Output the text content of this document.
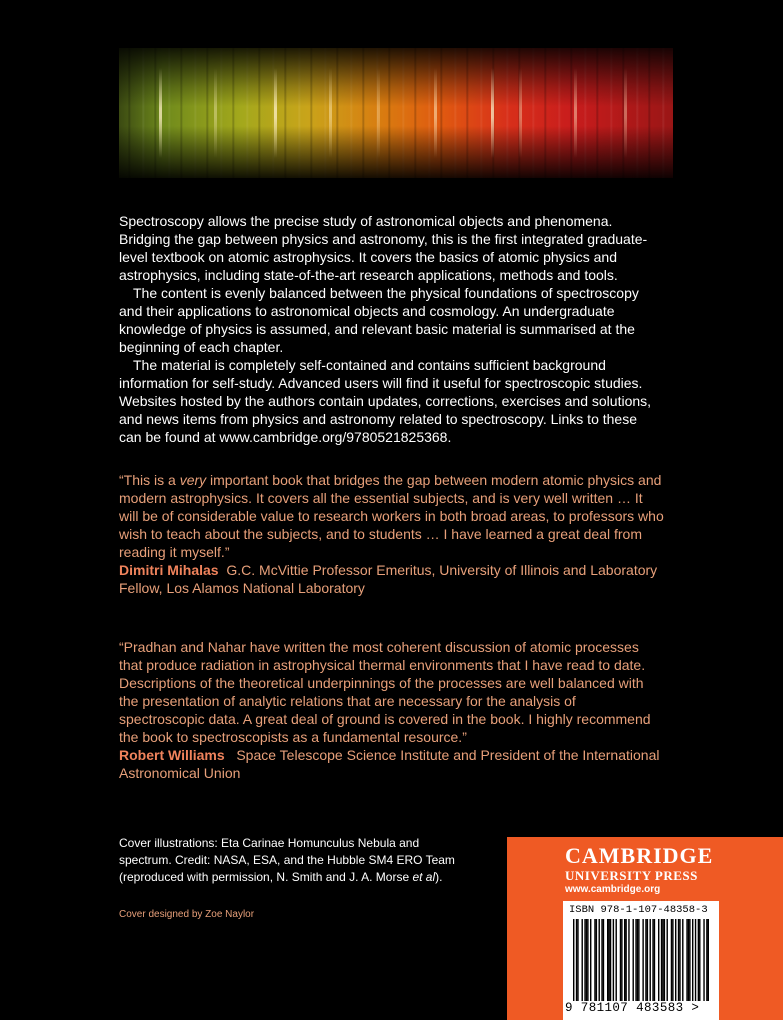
Spectroscopy allows the precise study of astronomical objects and phenomena. Bridging the gap between physics and astronomy, this is the first integrated graduate-level textbook on atomic astrophysics. It covers the basics of atomic physics and astrophysics, including state-of-the-art research applications, methods and tools.

The content is evenly balanced between the physical foundations of spectroscopy and their applications to astronomical objects and cosmology. An undergraduate knowledge of physics is assumed, and relevant basic material is summarised at the beginning of each chapter.

The material is completely self-contained and contains sufficient background information for self-study. Advanced users will find it useful for spectroscopic studies. Websites hosted by the authors contain updates, corrections, exercises and solutions, and news items from physics and astronomy related to spectroscopy. Links to these can be found at www.cambridge.org/9780521825368.

“This is a very important book that bridges the gap between modern atomic physics and modern astrophysics. It covers all the essential subjects, and is very well written … It will be of considerable value to research workers in both broad areas, to professors who wish to teach about the subjects, and to students … I have learned a great deal from reading it myself.”

Dimitri Mihalas G.C. McVittie Professor Emeritus, University of Illinois and Laboratory Fellow, Los Alamos National Laboratory

“Pradhan and Nahar have written the most coherent discussion of atomic processes that produce radiation in astrophysical thermal environments that I have read to date. Descriptions of the theoretical underpinnings of the processes are well balanced with the presentation of analytic relations that are necessary for the analysis of spectroscopic data. A great deal of ground is covered in the book. I highly recommend the book to spectroscopists as a fundamental resource.”

Robert Williams Space Telescope Science Institute and President of the International Astronomical Union

Cover illustrations: Eta Carinae Homunculus Nebula and spectrum. Credit: NASA, ESA, and the Hubble SM4 ERO Team (reproduced with permission, N. Smith and J. A. Morse et al).
Cover designed by Zoe Naylor
CAMBRIDGE
UNIVERSITY PRESS
www.cambridge.org
ISBN 978-1-107-48358-3
9 781107 483583 >
